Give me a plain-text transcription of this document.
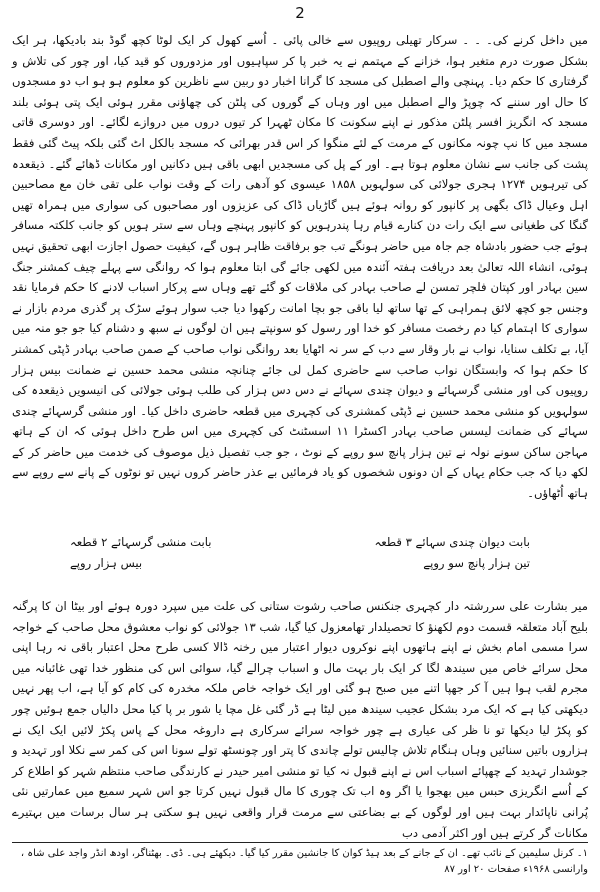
2

میں داخل کرنے کی۔ ۔ ۔ سرکار تھیلی روپیوں سے خالی پائی ۔ اُسے کھول کر ایک لوٹا کچھ گوڈ بند بادیکھا، ہر ایک بشکل صورت درم متغیر ہوا، خزانے کے مہتمم نے یہ خبر پا کر سپاہیوں اور مزدوروں کو قید کیا، اور چور کی تلاش و گرفتاری کا حکم دیا۔ پہنچی والے اصطبل کی مسجد کا گرانا اخبار دو ربین سے ناظرین کو معلوم ہو ہو اب دو مسجدوں کا حال اور سننے کہ چوپڑ والے اصطبل میں اور وہاں کے گوروں کی پلٹن کی چھاؤنی مقرر ہوئی ایک پتی ہوئی بلند مسجد کہ انگریز افسر پلٹن مذکور نے اپنے سکونت کا مکان ٹھہرا کر تیوں دروں میں دروازے لگائے۔ اور دوسری قاتی مسجد میں کا نپ چونہ مکانوں کے مرمت کے لئے منگوا کر اس قدر بھرائی کہ مسجد بالکل اٹ گئی بلکہ پیٹ گئی فقط پشت کی جانب سے نشان معلوم ہوتا ہے۔ اور کے پل کی مسجدیں ابھی باقی ہیں دکانیں اور مکانات ڈھائے گئے۔ ذیقعدہ کی تیرہویں ۱۲۷۴ ہجری جولائی کی سولہویں ۱۸۵۸ عیسوی کو آدھی رات کے وقت نواب علی تقی خان مع مصاحبین اہل وعیال ڈاک بگھی پر کانپور کو روانہ ہوئے ہیں گاڑیاں ڈاک کی عزیزوں اور مصاحبوں کی سواری میں ہمراہ تھیں گنگا کی طغیانی سے ایک رات دن کنارے قیام رہا پندرہویں کو کانپور پہنچے وہاں سے ستر ہویں کو جانب کلکتہ مسافر ہوئے جب حضور بادشاہ جم جاہ میں حاضر ہونگے تب جو برفاقت ظاہر ہوں گے، کیفیت حصول اجازت ابھی تحقیق نہیں ہوئی، انشاء اللہ تعالیٰ بعد دریافت ہفتہ آئندہ میں لکھی جائے گی ابتا معلوم ہوا کہ روانگی سے پہلے چیف کمشنر جنگ سین بہادر اور کپتان فلچر تمسن لے صاحب بہادر کی ملاقات کو گئے تھے وہاں سے پرکار اسباب لادنے کا حکم فرمایا نقد وجنس جو کچھ لائق ہمراہی کے تھا ساتھ لیا باقی جو بچا امانت رکھوا دیا جب سوار ہوئے سڑک پر گذری مردم بازار نے سواری کا اہتمام کیا دم رخصت مسافر کو خدا اور رسول کو سونپتے ہیں ان لوگوں نے سبھ و دشنام کیا جو جو منہ میں آیا، بے تکلف سنایا، نواب نے بار وقار سے دب کے سر نہ اٹھایا بعد روانگی نواب صاحب کے صمن صاحب بہادر ڈپٹی کمشنر کا حکم ہوا کہ وابستگان نواب صاحب سے حاضری کمل لی جائے چنانچہ منشی محمد حسین نے ضمانت بیس ہزار روپیوں کی اور منشی گرسہائے و دیوان چندی سہائے نے دس دس ہزار کی طلب ہوئی جولائی کی انیسویں ذیقعدہ کی سولہویں کو منشی محمد حسین نے ڈپٹی کمشنری کی کچہری میں قطعہ حاضری داخل کیا۔ اور منشی گرسہائے چندی سہائے کی ضمانت لیسس صاحب بہادر اکسٹرا ۱۱ اسسٹنٹ کی کچہری میں اس طرح داخل ہوئی کہ ان کے ہاتھ مہاجن ساکن سونے نولہ نے تین ہزار پانچ سو روپے کے نوٹ ، جو جب تفصیل ذیل موصوف کی خدمت میں حاضر کر کے لکھ دیا کہ جب حکام یہاں کے ان دونوں شخصوں کو یاد فرمائیں بے عذر حاضر کروں نہیں تو نوٹوں کے پانے سے روپے سے ہاتھ اُٹھاؤں۔

بابت دیوان چندی سہائے ۳ قطعہ
بابت منشی گرسہائے ۲ قطعہ
تین ہزار پانچ سو روپے
بیس ہزار روپے

میر بشارت علی سررشتہ دار کچہری جنکنس صاحب رشوت ستانی کی علت میں سپرد دورہ ہوئے اور بیٹا ان کا پرگنہ بلیح آباد متعلقہ قسمت دوم لکھنؤ کا تحصیلدار تھامعزول کیا گیا، شب ۱۳ جولائی کو نواب معشوق محل صاحب کے خواجہ سرا مسمی امام بخش نے اپنے ہاتھوں اپنے نوکروں دیوار اعتبار میں رخنہ ڈالا کسی طرح محل اعتبار باقی نہ رہا اپنی محل سرائے خاص میں سیندھ لگا کر ایک بار بہت مال و اسباب چرالے گیا، سوائی اس کی منظور خدا تھی غائبانہ میں مجرم لقب ہوا ہیں آ کر جھپا اتنے میں صبح ہو گئی اور ایک خواجہ خاص ملکہ مخدرہ کی کام کو آیا ہے، اب پھر نہیں دیکھتی کیا ہے کہ ایک مرد بشکل عجیب سیندھ میں لیٹا ہے ڈر گئی غل مچا یا شور بر پا کیا محل دالیاں جمع ہوئیں چور کو پکڑ لیا دیکھا تو نا ظر کی عیاری ہے چور خواجہ سرائے سرکاری ہے داروغہ محل کے پاس پکڑ لائیں ایک ایک نے ہزاروں باتیں سنائیں وہاں ہنگام تلاش چالیس تولے چاندی کا پتر اور چونسٹھ تولے سونا اس کی کمر سے نکلا اور تہدید و جوشدار تہدید کے چھپائے اسباب اس نے اپنے قبول نہ کیا تو منشی امیر حیدر نے کارندگی صاحب منتظم شہر کو اطلاع کر کے اُسے انگریزی حبس میں بھجوا یا اگر وہ اب تک چوری کا مال قبول نہیں کرتا جو اس شہر سمیع میں عمارتیں نئی پُرانی ناپائدار بہت ہیں اور لوگوں کے بے بضاعتی سے مرمت قرار واقعی نہیں ہو سکتی ہر سال برسات میں بہتیرے مکانات گر کرتے ہیں اور اکثر آدمی دب

۱۔ کرنل سلیمین کے نائب تھے۔ ان کے جانے کے بعد ہیڈ کوان کا جانشین مقرر کیا گیا۔ دیکھئے ہی۔ ڈی۔ بھٹناگر، اودھ انڈر واجد علی شاہ ، وارانسی ۱۹۶۸ء صفحات ۲۰ اور ۸۷
